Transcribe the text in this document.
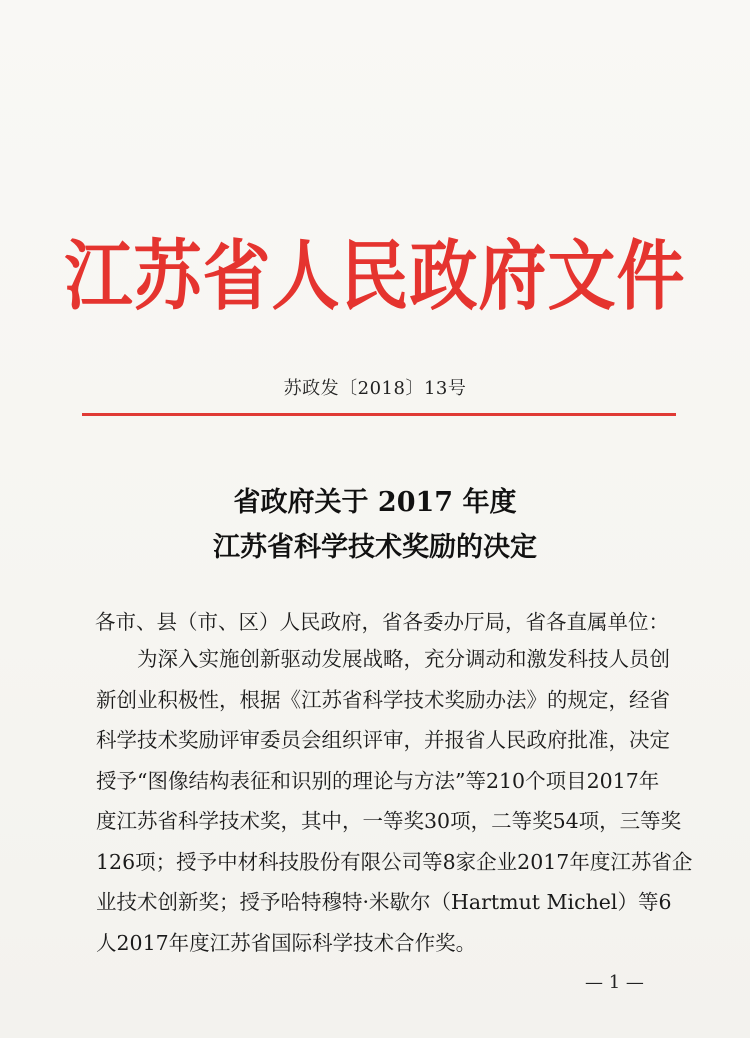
江苏省人民政府文件
苏政发〔2018〕13号
省政府关于 2017 年度
江苏省科学技术奖励的决定
各市、县（市、区）人民政府，省各委办厅局，省各直属单位：
　　为深入实施创新驱动发展战略，充分调动和激发科技人员创
新创业积极性，根据《江苏省科学技术奖励办法》的规定，经省
科学技术奖励评审委员会组织评审，并报省人民政府批准，决定
授予“图像结构表征和识别的理论与方法”等210个项目2017年
度江苏省科学技术奖，其中，一等奖30项，二等奖54项，三等奖
126项；授予中材科技股份有限公司等8家企业2017年度江苏省企
业技术创新奖；授予哈特穆特·米歇尔（Hartmut Michel）等6
人2017年度江苏省国际科学技术合作奖。
— 1 —
